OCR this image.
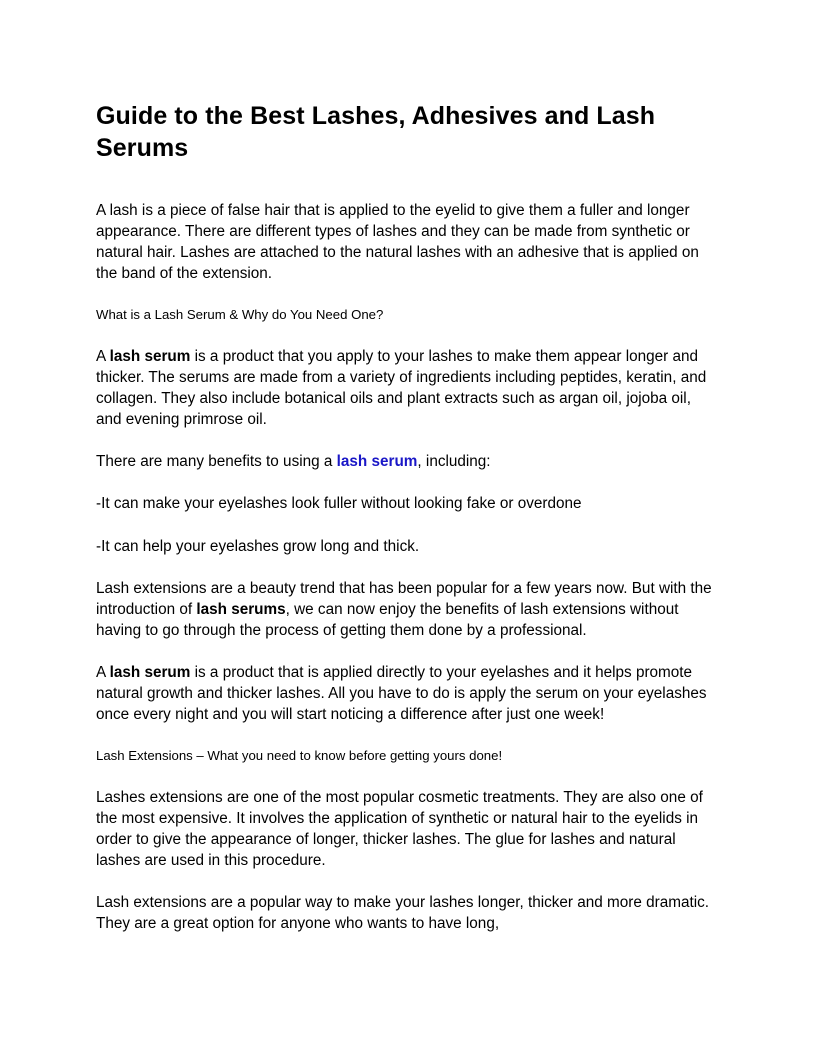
Guide to the Best Lashes, Adhesives and Lash Serums

A lash is a piece of false hair that is applied to the eyelid to give them a fuller and longer appearance. There are different types of lashes and they can be made from synthetic or natural hair. Lashes are attached to the natural lashes with an adhesive that is applied on the band of the extension.

What is a Lash Serum & Why do You Need One?

A lash serum is a product that you apply to your lashes to make them appear longer and thicker. The serums are made from a variety of ingredients including peptides, keratin, and collagen. They also include botanical oils and plant extracts such as argan oil, jojoba oil, and evening primrose oil.

There are many benefits to using a lash serum, including:

-It can make your eyelashes look fuller without looking fake or overdone

-It can help your eyelashes grow long and thick.

Lash extensions are a beauty trend that has been popular for a few years now. But with the introduction of lash serums, we can now enjoy the benefits of lash extensions without having to go through the process of getting them done by a professional.

A lash serum is a product that is applied directly to your eyelashes and it helps promote natural growth and thicker lashes. All you have to do is apply the serum on your eyelashes once every night and you will start noticing a difference after just one week!

Lash Extensions – What you need to know before getting yours done!

Lashes extensions are one of the most popular cosmetic treatments. They are also one of the most expensive. It involves the application of synthetic or natural hair to the eyelids in order to give the appearance of longer, thicker lashes. The glue for lashes and natural lashes are used in this procedure.

Lash extensions are a popular way to make your lashes longer, thicker and more dramatic. They are a great option for anyone who wants to have long,
